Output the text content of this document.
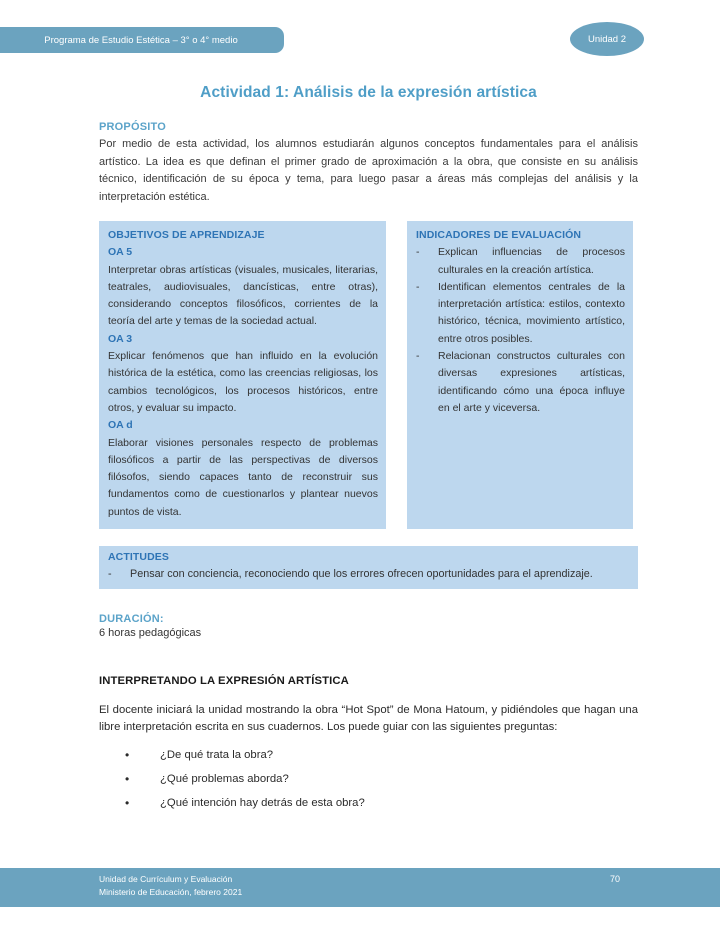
Programa de Estudio Estética – 3° o 4° medio	Unidad 2
Actividad 1: Análisis de la expresión artística
PROPÓSITO
Por medio de esta actividad, los alumnos estudiarán algunos conceptos fundamentales para el análisis artístico. La idea es que definan el primer grado de aproximación a la obra, que consiste en su análisis técnico, identificación de su época y tema, para luego pasar a áreas más complejas del análisis y la interpretación estética.
OBJETIVOS DE APRENDIZAJE
OA 5
Interpretar obras artísticas (visuales, musicales, literarias, teatrales, audiovisuales, dancísticas, entre otras), considerando conceptos filosóficos, corrientes de la teoría del arte y temas de la sociedad actual.
OA 3
Explicar fenómenos que han influido en la evolución histórica de la estética, como las creencias religiosas, los cambios tecnológicos, los procesos históricos, entre otros, y evaluar su impacto.
OA d
Elaborar visiones personales respecto de problemas filosóficos a partir de las perspectivas de diversos filósofos, siendo capaces tanto de reconstruir sus fundamentos como de cuestionarlos y plantear nuevos puntos de vista.
INDICADORES DE EVALUACIÓN
-	Explican influencias de procesos culturales en la creación artística.
-	Identifican elementos centrales de la interpretación artística: estilos, contexto histórico, técnica, movimiento artístico, entre otros posibles.
-	Relacionan constructos culturales con diversas expresiones artísticas, identificando cómo una época influye en el arte y viceversa.
ACTITUDES
-	Pensar con conciencia, reconociendo que los errores ofrecen oportunidades para el aprendizaje.
DURACIÓN:
6 horas pedagógicas
INTERPRETANDO LA EXPRESIÓN ARTÍSTICA
El docente iniciará la unidad mostrando la obra “Hot Spot” de Mona Hatoum, y pidiéndoles que hagan una libre interpretación escrita en sus cuadernos. Los puede guiar con las siguientes preguntas:
•	¿De qué trata la obra?
•	¿Qué problemas aborda?
•	¿Qué intención hay detrás de esta obra?
Unidad de Currículum y Evaluación
Ministerio de Educación, febrero 2021
70
